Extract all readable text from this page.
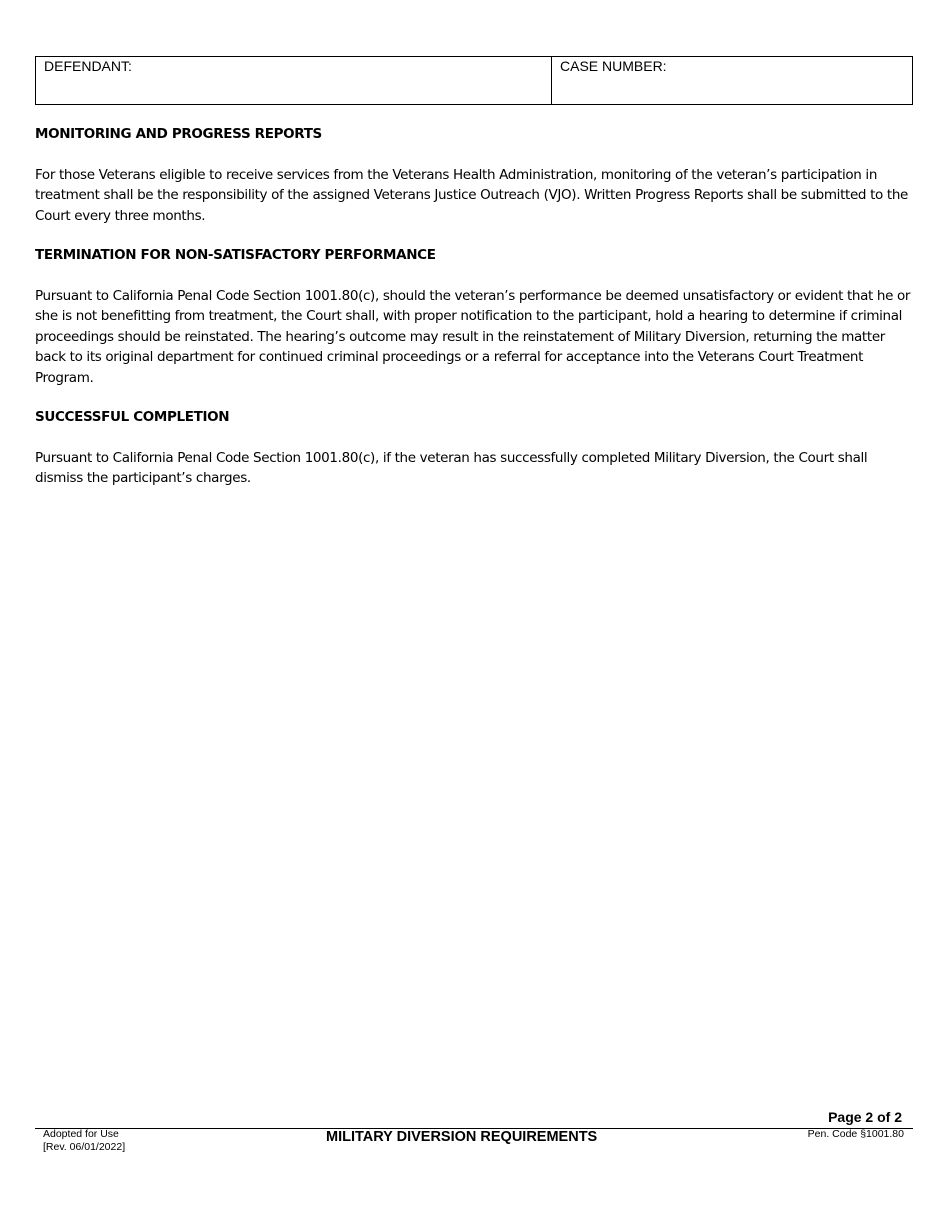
DEFENDANT:	CASE NUMBER:
MONITORING AND PROGRESS REPORTS

For those Veterans eligible to receive services from the Veterans Health Administration, monitoring of the veteran’s participation in treatment shall be the responsibility of the assigned Veterans Justice Outreach (VJO). Written Progress Reports shall be submitted to the Court every three months.

TERMINATION FOR NON-SATISFACTORY PERFORMANCE

Pursuant to California Penal Code Section 1001.80(c), should the veteran’s performance be deemed unsatisfactory or evident that he or she is not benefitting from treatment, the Court shall, with proper notification to the participant, hold a hearing to determine if criminal proceedings should be reinstated. The hearing’s outcome may result in the reinstatement of Military Diversion, returning the matter back to its original department for continued criminal proceedings or a referral for acceptance into the Veterans Court Treatment Program.

SUCCESSFUL COMPLETION

Pursuant to California Penal Code Section 1001.80(c), if the veteran has successfully completed Military Diversion, the Court shall dismiss the participant’s charges.

Page 2 of 2
Adopted for Use
[Rev. 06/01/2022]
MILITARY DIVERSION REQUIREMENTS	Pen. Code §1001.80
